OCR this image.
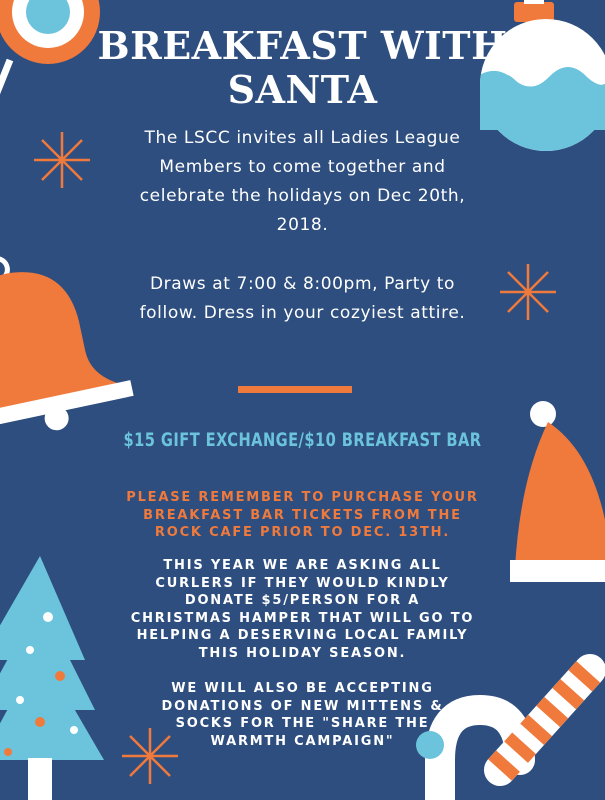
BREAKFAST WITH
SANTA
The LSCC invites all Ladies League
Members to come together and
celebrate the holidays on Dec 20th,
2018.
Draws at 7:00 & 8:00pm, Party to
follow. Dress in your cozyiest attire.
$15 GIFT EXCHANGE/$10 BREAKFAST BAR
PLEASE REMEMBER TO PURCHASE YOUR
BREAKFAST BAR TICKETS FROM THE
ROCK CAFE PRIOR TO DEC. 13TH.
THIS YEAR WE ARE ASKING ALL
CURLERS IF THEY WOULD KINDLY
DONATE $5/PERSON FOR A
CHRISTMAS HAMPER THAT WILL GO TO
HELPING A DESERVING LOCAL FAMILY
THIS HOLIDAY SEASON.
WE WILL ALSO BE ACCEPTING
DONATIONS OF NEW MITTENS &
SOCKS FOR THE "SHARE THE
WARMTH CAMPAIGN"
